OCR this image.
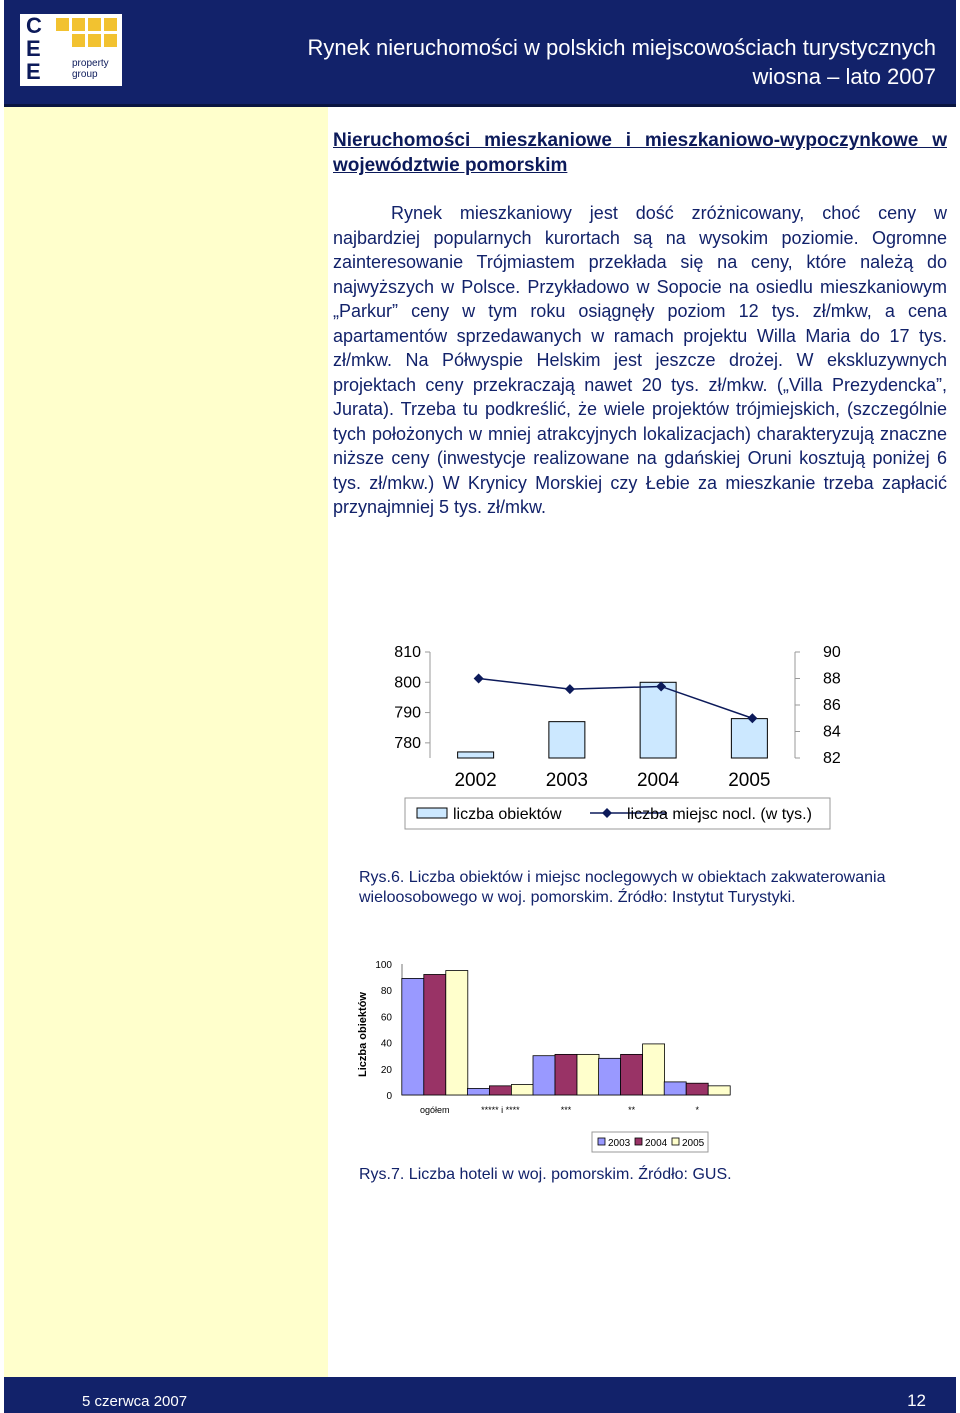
C
E
E	property
group
Rynek nieruchomości w polskich miejscowościach turystycznych
wiosna – lato 2007
Nieruchomości mieszkaniowe i mieszkaniowo-wypoczynkowe w województwie pomorskim
Rynek mieszkaniowy jest dość zróżnicowany, choć ceny w najbardziej popularnych kurortach są na wysokim poziomie. Ogromne zainteresowanie Trójmiastem przekłada się na ceny, które należą do najwyższych w Polsce. Przykładowo w Sopocie na osiedlu mieszkaniowym „Parkur” ceny w tym roku osiągnęły poziom 12 tys. zł/mkw, a cena apartamentów sprzedawanych w ramach projektu Willa Maria do 17 tys. zł/mkw. Na Półwyspie Helskim jest jeszcze drożej. W ekskluzywnych projektach ceny przekraczają nawet 20 tys. zł/mkw. („Villa Prezydencka”, Jurata). Trzeba tu podkreślić, że wiele projektów trójmiejskich, (szczególnie tych położonych w mniej atrakcyjnych lokalizacjach) charakteryzują znaczne niższe ceny (inwestycje realizowane na gdańskiej Oruni kosztują poniżej 6 tys. zł/mkw.) W Krynicy Morskiej czy Łebie za mieszkanie trzeba zapłacić przynajmniej 5 tys. zł/mkw.
780
790
800
810
82
84
86
88
90
2002	2003	2004	2005
liczba obiektów	liczba miejsc nocl. (w tys.)
Rys.6. Liczba obiektów i miejsc noclegowych w obiektach zakwaterowania wieloosobowego w woj. pomorskim. Źródło: Instytut Turystyki.
0
20
40
60
80
100
Liczba obiektów
ogółem	***** i ****	***	**	*
2003 2004 2005
Rys.7. Liczba hoteli w woj. pomorskim. Źródło: GUS.
5 czerwca 2007	12
